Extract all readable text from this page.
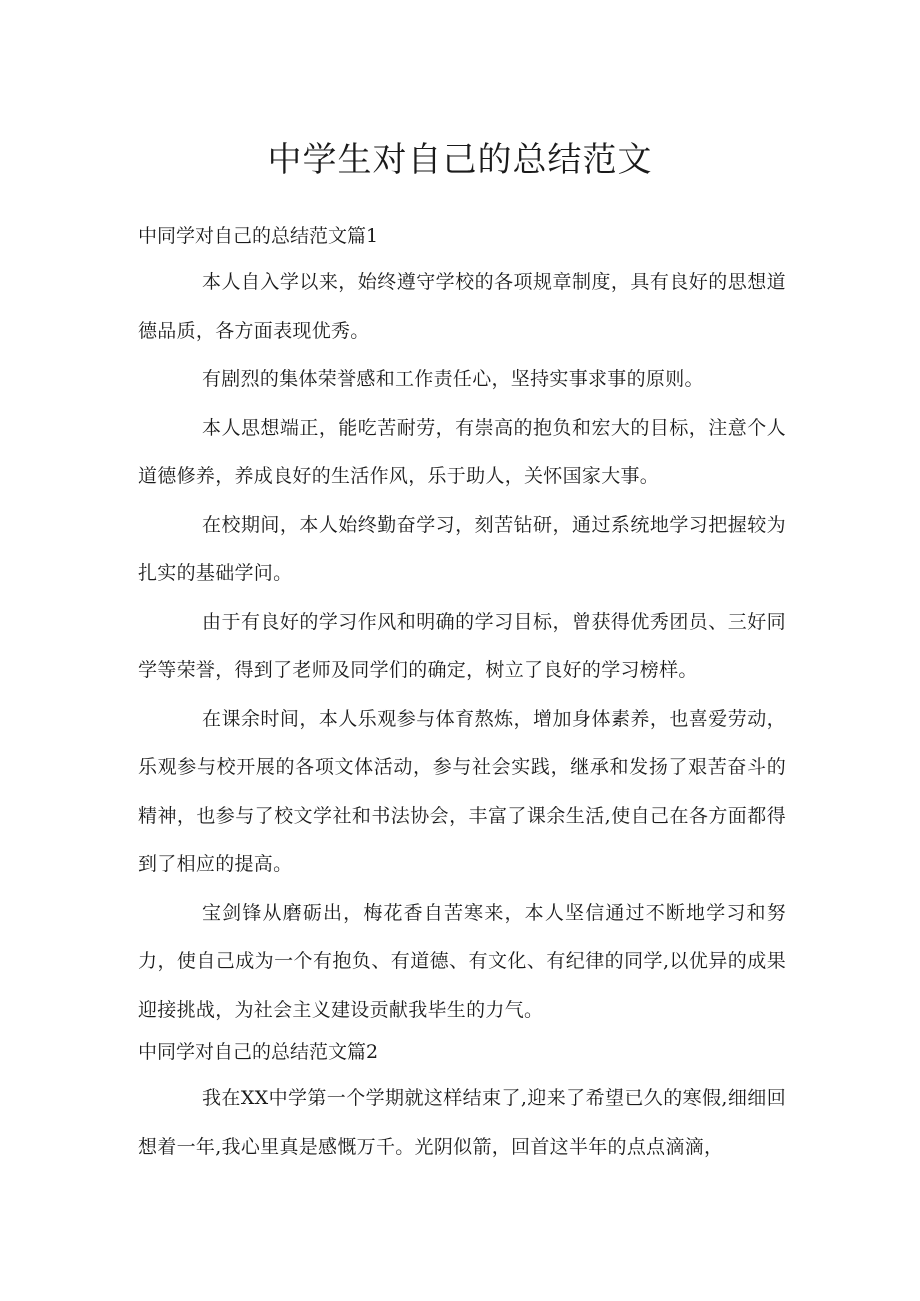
中学生对自己的总结范文
中同学对自己的总结范文篇1

本人自入学以来，始终遵守学校的各项规章制度，具有良好的思想道德品质，各方面表现优秀。

有剧烈的集体荣誉感和工作责任心，坚持实事求事的原则。

本人思想端正，能吃苦耐劳，有崇高的抱负和宏大的目标，注意个人道德修养，养成良好的生活作风，乐于助人，关怀国家大事。

在校期间，本人始终勤奋学习，刻苦钻研，通过系统地学习把握较为扎实的基础学问。

由于有良好的学习作风和明确的学习目标，曾获得优秀团员、三好同学等荣誉，得到了老师及同学们的确定，树立了良好的学习榜样。

在课余时间，本人乐观参与体育熬炼，增加身体素养，也喜爱劳动，乐观参与校开展的各项文体活动，参与社会实践，继承和发扬了艰苦奋斗的精神，也参与了校文学社和书法协会，丰富了课余生活,使自己在各方面都得到了相应的提高。

宝剑锋从磨砺出，梅花香自苦寒来，本人坚信通过不断地学习和努力，使自己成为一个有抱负、有道德、有文化、有纪律的同学,以优异的成果迎接挑战，为社会主义建设贡献我毕生的力气。

中同学对自己的总结范文篇2

我在XX中学第一个学期就这样结束了,迎来了希望已久的寒假,细细回想着一年,我心里真是感慨万千。光阴似箭，回首这半年的点点滴滴，
